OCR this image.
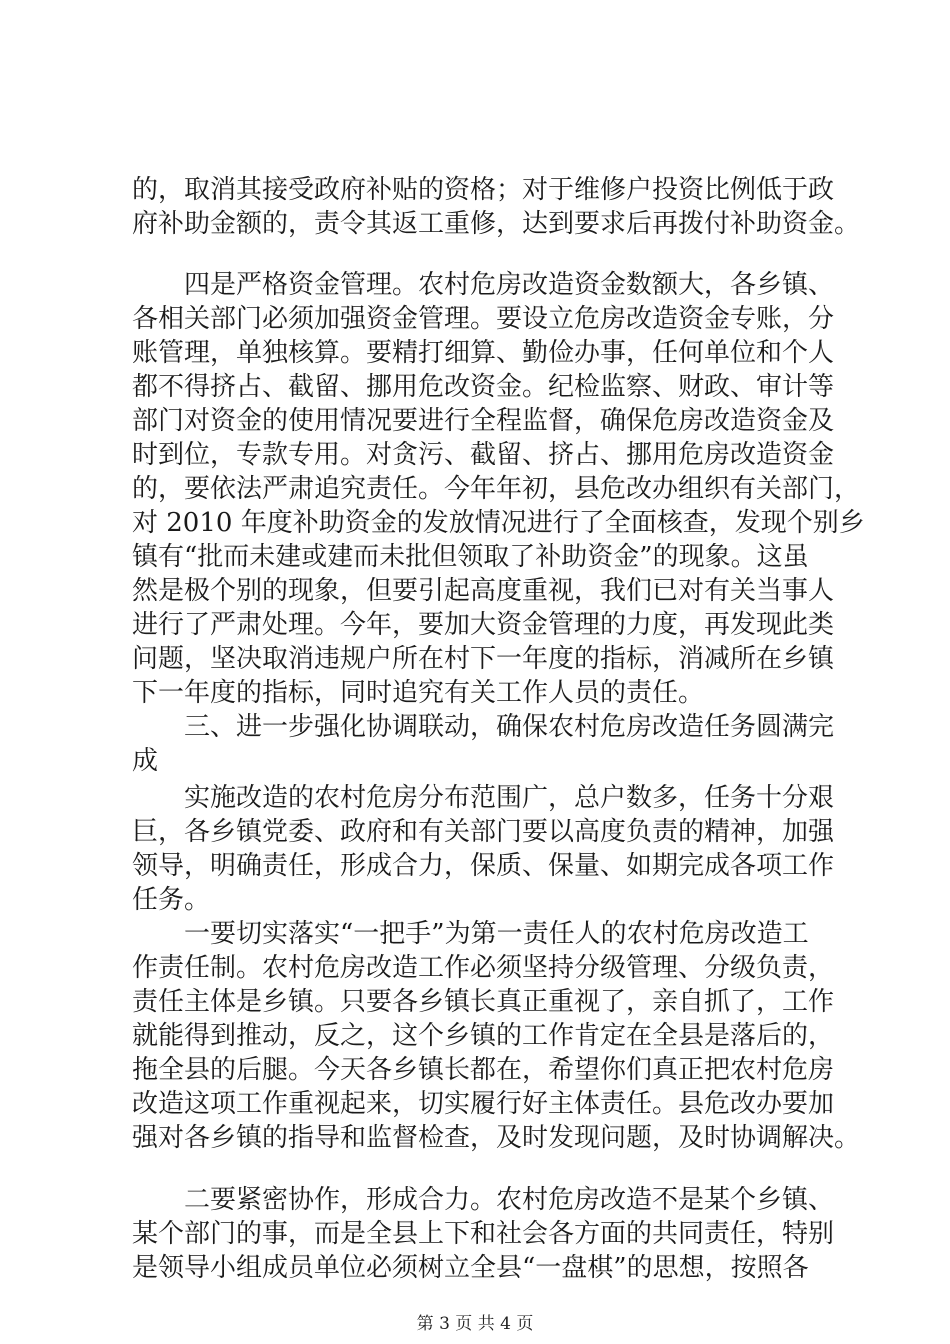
的，取消其接受政府补贴的资格；对于维修户投资比例低于政
府补助金额的，责令其返工重修，达到要求后再拨付补助资金。
四是严格资金管理。农村危房改造资金数额大，各乡镇、
各相关部门必须加强资金管理。要设立危房改造资金专账，分
账管理，单独核算。要精打细算、勤俭办事，任何单位和个人
都不得挤占、截留、挪用危改资金。纪检监察、财政、审计等
部门对资金的使用情况要进行全程监督，确保危房改造资金及
时到位，专款专用。对贪污、截留、挤占、挪用危房改造资金
的，要依法严肃追究责任。今年年初，县危改办组织有关部门，
对 2010 年度补助资金的发放情况进行了全面核查，发现个别乡
镇有“批而未建或建而未批但领取了补助资金”的现象。这虽
然是极个别的现象，但要引起高度重视，我们已对有关当事人
进行了严肃处理。今年，要加大资金管理的力度，再发现此类
问题，坚决取消违规户所在村下一年度的指标，消减所在乡镇
下一年度的指标，同时追究有关工作人员的责任。
三、进一步强化协调联动，确保农村危房改造任务圆满完
成
实施改造的农村危房分布范围广，总户数多，任务十分艰
巨，各乡镇党委、政府和有关部门要以高度负责的精神，加强
领导，明确责任，形成合力，保质、保量、如期完成各项工作
任务。
一要切实落实“一把手”为第一责任人的农村危房改造工
作责任制。农村危房改造工作必须坚持分级管理、分级负责，
责任主体是乡镇。只要各乡镇长真正重视了，亲自抓了，工作
就能得到推动，反之，这个乡镇的工作肯定在全县是落后的，
拖全县的后腿。今天各乡镇长都在，希望你们真正把农村危房
改造这项工作重视起来，切实履行好主体责任。县危改办要加
强对各乡镇的指导和监督检查，及时发现问题，及时协调解决。
二要紧密协作，形成合力。农村危房改造不是某个乡镇、
某个部门的事，而是全县上下和社会各方面的共同责任，特别
是领导小组成员单位必须树立全县“一盘棋”的思想，按照各
第 3 页 共 4 页
